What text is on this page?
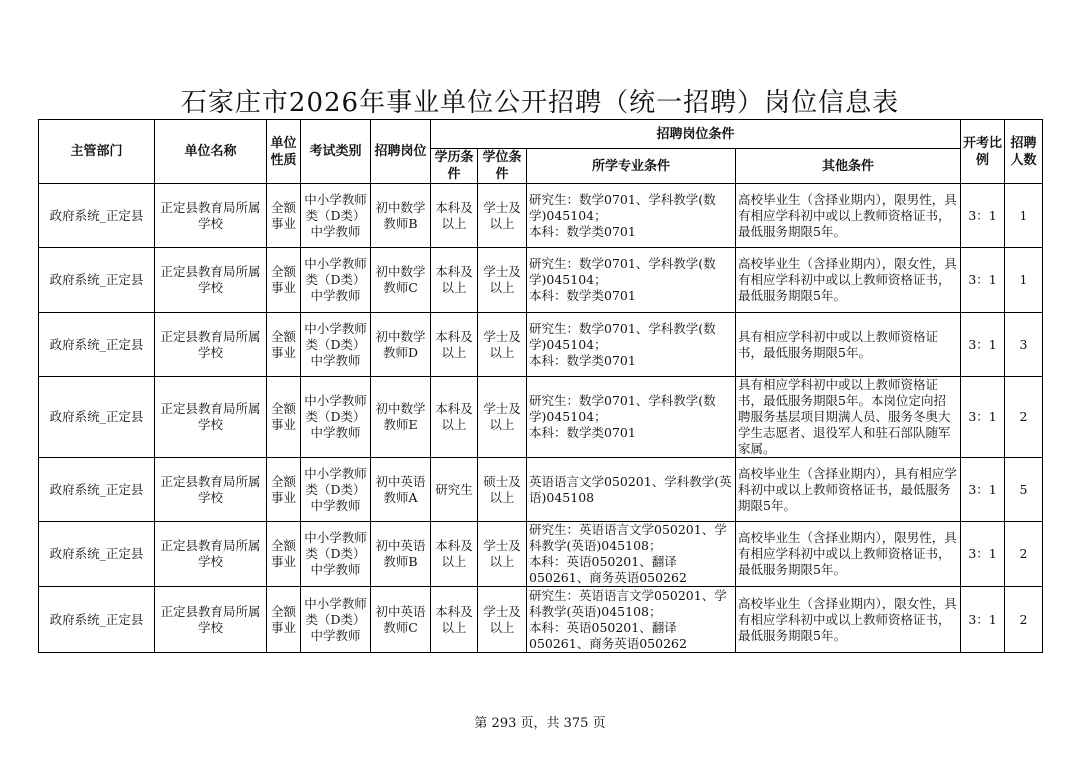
石家庄市2026年事业单位公开招聘（统一招聘）岗位信息表
主管部门	单位名称	单位性质	考试类别	招聘岗位	招聘岗位条件				开考比例	招聘人数
					学历条件	学位条件	所学专业条件	其他条件		
政府系统_正定县	正定县教育局所属学校	全额事业	中小学教师类（D类）中学教师	初中数学教师B	本科及以上	学士及以上	研究生：数学0701、学科教学(数学)045104；
本科：数学类0701	高校毕业生（含择业期内），限男性，具有相应学科初中或以上教师资格证书，最低服务期限5年。	3：1	1
政府系统_正定县	正定县教育局所属学校	全额事业	中小学教师类（D类）中学教师	初中数学教师C	本科及以上	学士及以上	研究生：数学0701、学科教学(数学)045104；
本科：数学类0701	高校毕业生（含择业期内），限女性，具有相应学科初中或以上教师资格证书，最低服务期限5年。	3：1	1
政府系统_正定县	正定县教育局所属学校	全额事业	中小学教师类（D类）中学教师	初中数学教师D	本科及以上	学士及以上	研究生：数学0701、学科教学(数学)045104；
本科：数学类0701	具有相应学科初中或以上教师资格证书，最低服务期限5年。	3：1	3
政府系统_正定县	正定县教育局所属学校	全额事业	中小学教师类（D类）中学教师	初中数学教师E	本科及以上	学士及以上	研究生：数学0701、学科教学(数学)045104；
本科：数学类0701	具有相应学科初中或以上教师资格证书，最低服务期限5年。本岗位定向招聘服务基层项目期满人员、服务冬奥大学生志愿者、退役军人和驻石部队随军家属。	3：1	2
政府系统_正定县	正定县教育局所属学校	全额事业	中小学教师类（D类）中学教师	初中英语教师A	研究生	硕士及以上	英语语言文学050201、学科教学(英语)045108	高校毕业生（含择业期内），具有相应学科初中或以上教师资格证书，最低服务期限5年。	3：1	5
政府系统_正定县	正定县教育局所属学校	全额事业	中小学教师类（D类）中学教师	初中英语教师B	本科及以上	学士及以上	研究生：英语语言文学050201、学科教学(英语)045108；
本科：英语050201、翻译050261、商务英语050262	高校毕业生（含择业期内），限男性，具有相应学科初中或以上教师资格证书，最低服务期限5年。	3：1	2
政府系统_正定县	正定县教育局所属学校	全额事业	中小学教师类（D类）中学教师	初中英语教师C	本科及以上	学士及以上	研究生：英语语言文学050201、学科教学(英语)045108；
本科：英语050201、翻译050261、商务英语050262	高校毕业生（含择业期内），限女性，具有相应学科初中或以上教师资格证书，最低服务期限5年。	3：1	2
第 293 页，共 375 页
